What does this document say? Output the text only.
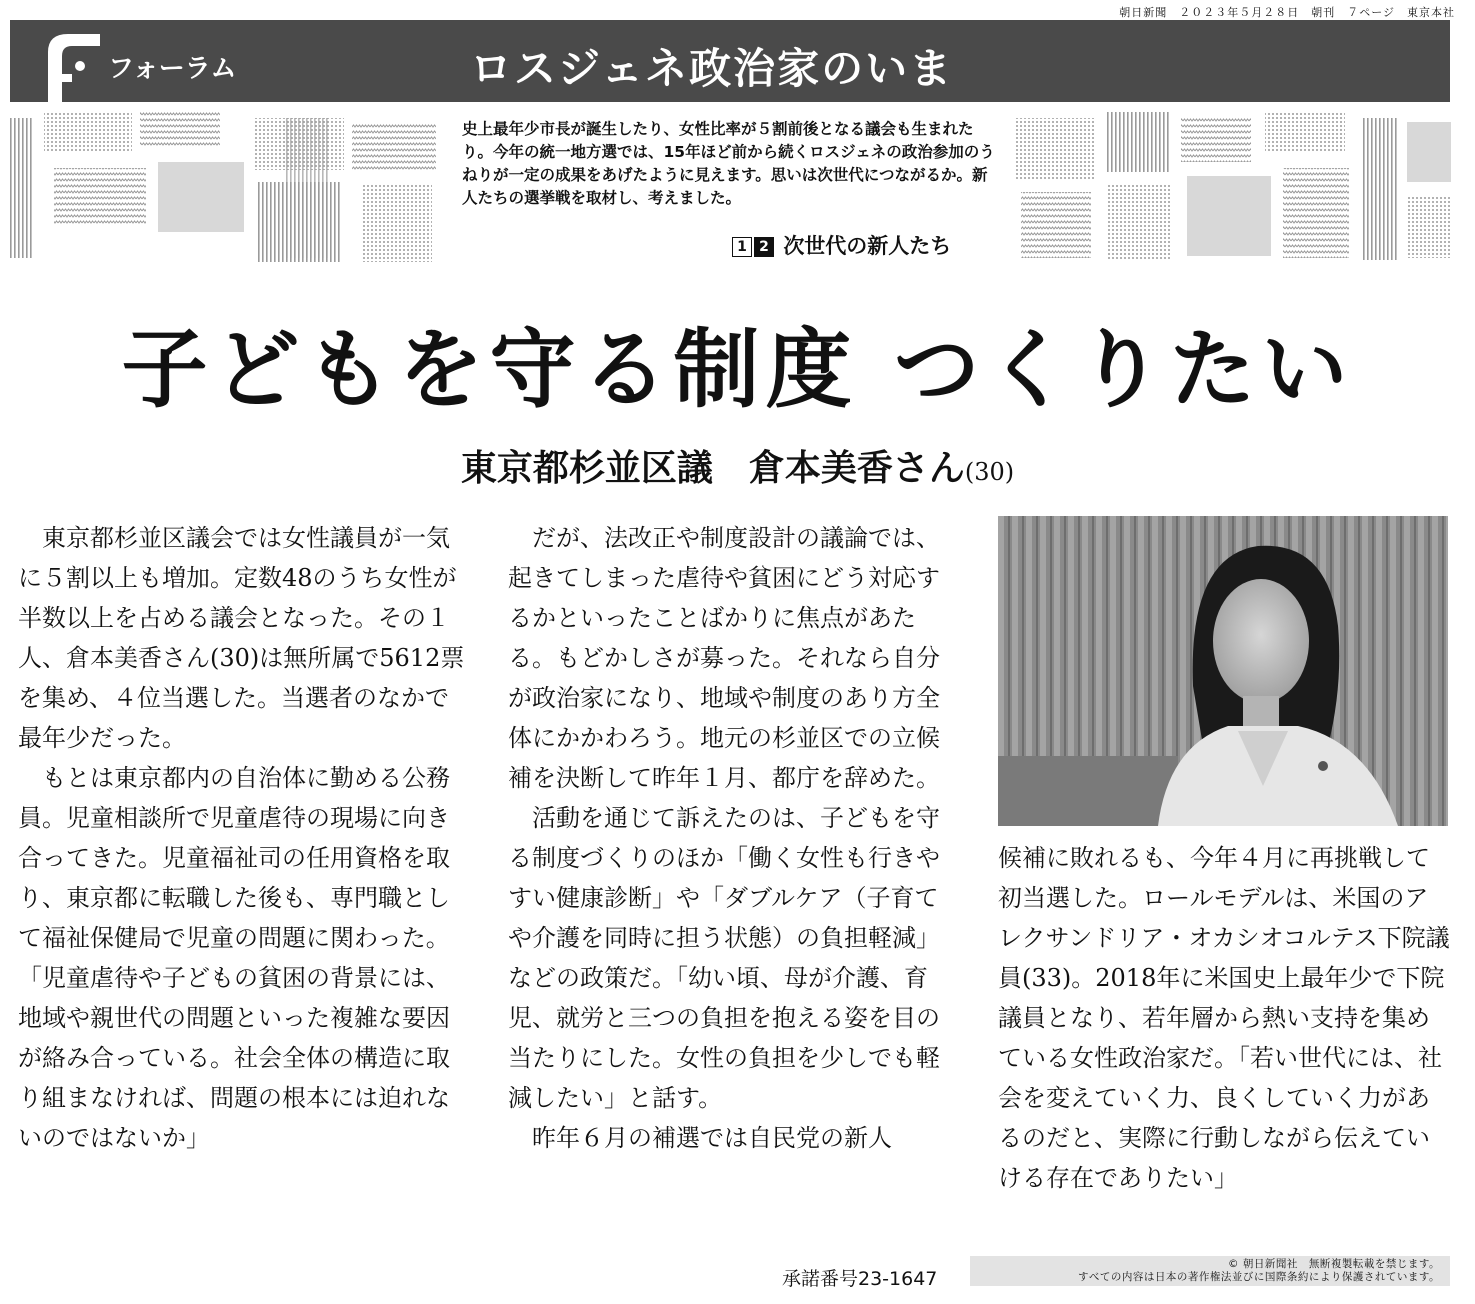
朝日新聞　２０２３年５月２８日　朝刊　７ページ　東京本社
フォーラム	ロスジェネ政治家のいま
史上最年少市長が誕生したり、女性比率が５割前後となる議会も生まれたり。今年の統一地方選では、15年ほど前から続くロスジェネの政治参加のうねりが一定の成果をあげたように見えます。思いは次世代につながるか。新人たちの選挙戦を取材し、考えました。
1 2 次世代の新人たち
子どもを守る制度 つくりたい
東京都杉並区議　倉本美香さん(30)

東京都杉並区議会では女性議員が一気に５割以上も増加。定数48のうち女性が半数以上を占める議会となった。その１人、倉本美香さん(30)は無所属で5612票を集め、４位当選した。当選者のなかで最年少だった。

もとは東京都内の自治体に勤める公務員。児童相談所で児童虐待の現場に向き合ってきた。児童福祉司の任用資格を取り、東京都に転職した後も、専門職として福祉保健局で児童の問題に関わった。「児童虐待や子どもの貧困の背景には、地域や親世代の問題といった複雑な要因が絡み合っている。社会全体の構造に取り組まなければ、問題の根本には迫れないのではないか」

だが、法改正や制度設計の議論では、起きてしまった虐待や貧困にどう対応するかといったことばかりに焦点があたる。もどかしさが募った。それなら自分が政治家になり、地域や制度のあり方全体にかかわろう。地元の杉並区での立候補を決断して昨年１月、都庁を辞めた。

活動を通じて訴えたのは、子どもを守る制度づくりのほか「働く女性も行きやすい健康診断」や「ダブルケア（子育てや介護を同時に担う状態）の負担軽減」などの政策だ。「幼い頃、母が介護、育児、就労と三つの負担を抱える姿を目の当たりにした。女性の負担を少しでも軽減したい」と話す。

昨年６月の補選では自民党の新人

候補に敗れるも、今年４月に再挑戦して初当選した。ロールモデルは、米国のアレクサンドリア・オカシオコルテス下院議員(33)。2018年に米国史上最年少で下院議員となり、若年層から熱い支持を集めている女性政治家だ。「若い世代には、社会を変えていく力、良くしていく力があるのだと、実際に行動しながら伝えていける存在でありたい」

承諾番号23-1647
© 朝日新聞社　無断複製転載を禁じます。
すべての内容は日本の著作権法並びに国際条約により保護されています。
